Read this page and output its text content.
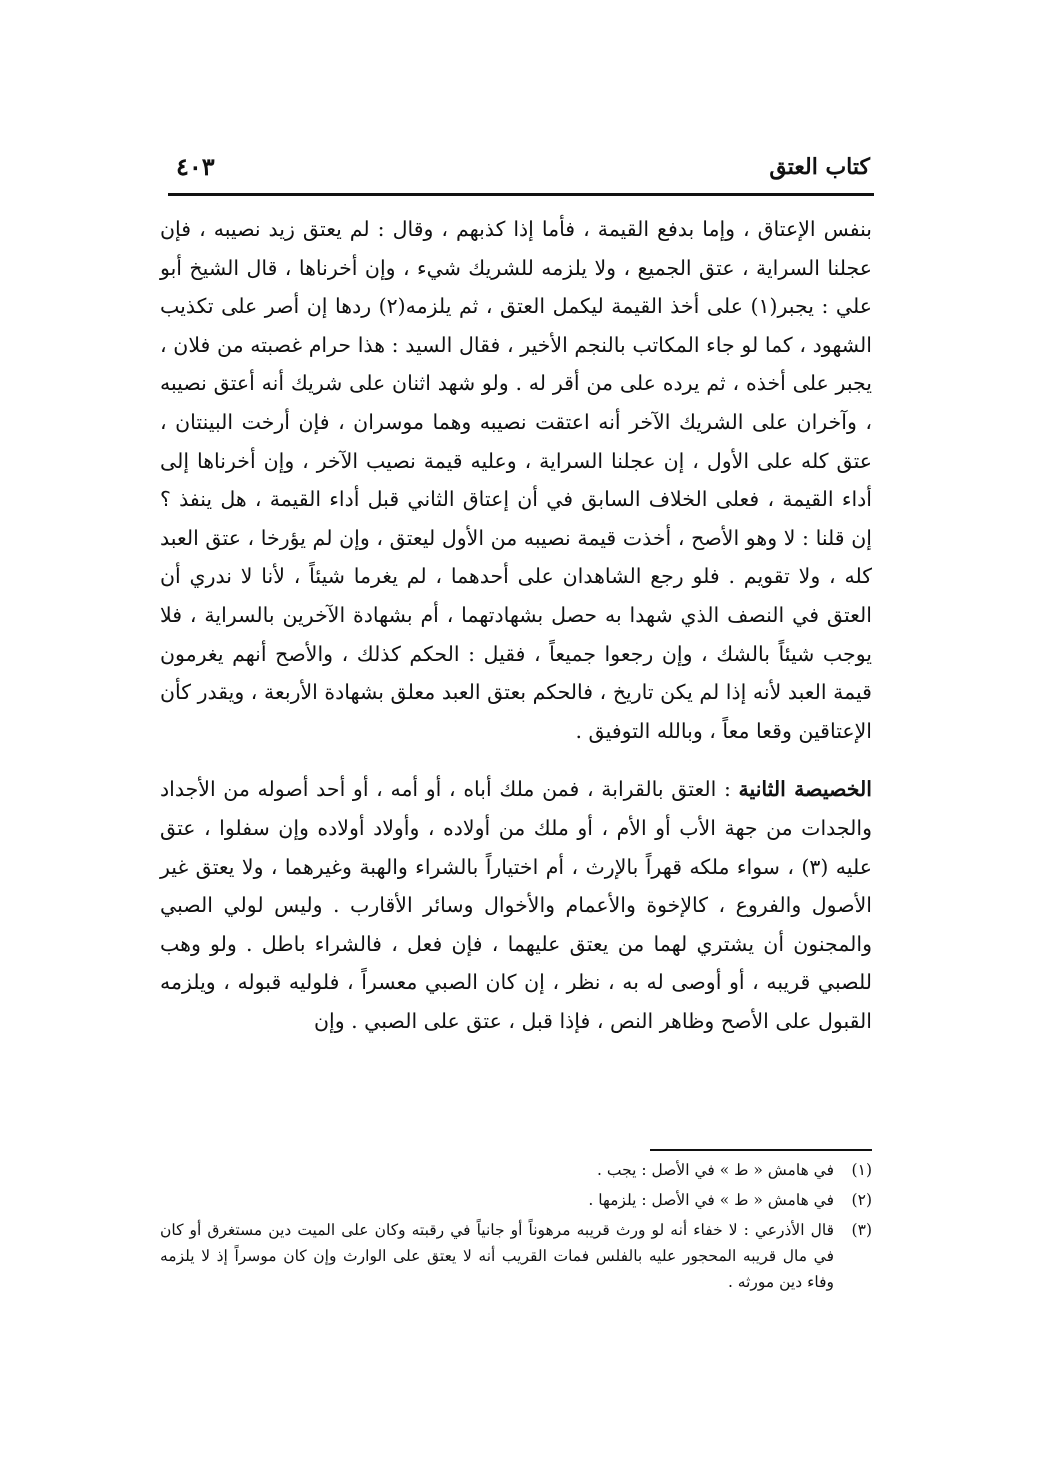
كتاب العتق
٤٠٣

بنفس الإعتاق ، وإما بدفع القيمة ، فأما إذا كذبهم ، وقال : لم يعتق زيد نصيبه ، فإن عجلنا السراية ، عتق الجميع ، ولا يلزمه للشريك شيء ، وإن أخرناها ، قال الشيخ أبو علي : يجبر(١) على أخذ القيمة ليكمل العتق ، ثم يلزمه(٢) ردها إن أصر على تكذيب الشهود ، كما لو جاء المكاتب بالنجم الأخير ، فقال السيد : هذا حرام غصبته من فلان ، يجبر على أخذه ، ثم يرده على من أقر له . ولو شهد اثنان على شريك أنه أعتق نصيبه ، وآخران على الشريك الآخر أنه اعتقت نصيبه وهما موسران ، فإن أرخت البينتان ، عتق كله على الأول ، إن عجلنا السراية ، وعليه قيمة نصيب الآخر ، وإن أخرناها إلى أداء القيمة ، فعلى الخلاف السابق في أن إعتاق الثاني قبل أداء القيمة ، هل ينفذ ؟ إن قلنا : لا وهو الأصح ، أخذت قيمة نصيبه من الأول ليعتق ، وإن لم يؤرخا ، عتق العبد كله ، ولا تقويم . فلو رجع الشاهدان على أحدهما ، لم يغرما شيئاً ، لأنا لا ندري أن العتق في النصف الذي شهدا به حصل بشهادتهما ، أم بشهادة الآخرين بالسراية ، فلا يوجب شيئاً بالشك ، وإن رجعوا جميعاً ، فقيل : الحكم كذلك ، والأصح أنهم يغرمون قيمة العبد لأنه إذا لم يكن تاريخ ، فالحكم بعتق العبد معلق بشهادة الأربعة ، ويقدر كأن الإعتاقين وقعا معاً ، وبالله التوفيق .

الخصيصة الثانية : العتق بالقرابة ، فمن ملك أباه ، أو أمه ، أو أحد أصوله من الأجداد والجدات من جهة الأب أو الأم ، أو ملك من أولاده ، وأولاد أولاده وإن سفلوا ، عتق عليه (٣) ، سواء ملكه قهراً بالإرث ، أم اختياراً بالشراء والهبة وغيرهما ، ولا يعتق غير الأصول والفروع ، كالإخوة والأعمام والأخوال وسائر الأقارب . وليس لولي الصبي والمجنون أن يشتري لهما من يعتق عليهما ، فإن فعل ، فالشراء باطل . ولو وهب للصبي قريبه ، أو أوصى له به ، نظر ، إن كان الصبي معسراً ، فلوليه قبوله ، ويلزمه القبول على الأصح وظاهر النص ، فإذا قبل ، عتق على الصبي . وإن

(١)
في هامش « ط » في الأصل : يجب .

(٢)
في هامش « ط » في الأصل : يلزمها .

(٣)
قال الأذرعي : لا خفاء أنه لو ورث قريبه مرهوناً أو جانياً في رقبته وكان على الميت دين مستغرق أو كان في مال قريبه المحجور عليه بالفلس فمات القريب أنه لا يعتق على الوارث وإن كان موسراً إذ لا يلزمه وفاء دين مورثه .
